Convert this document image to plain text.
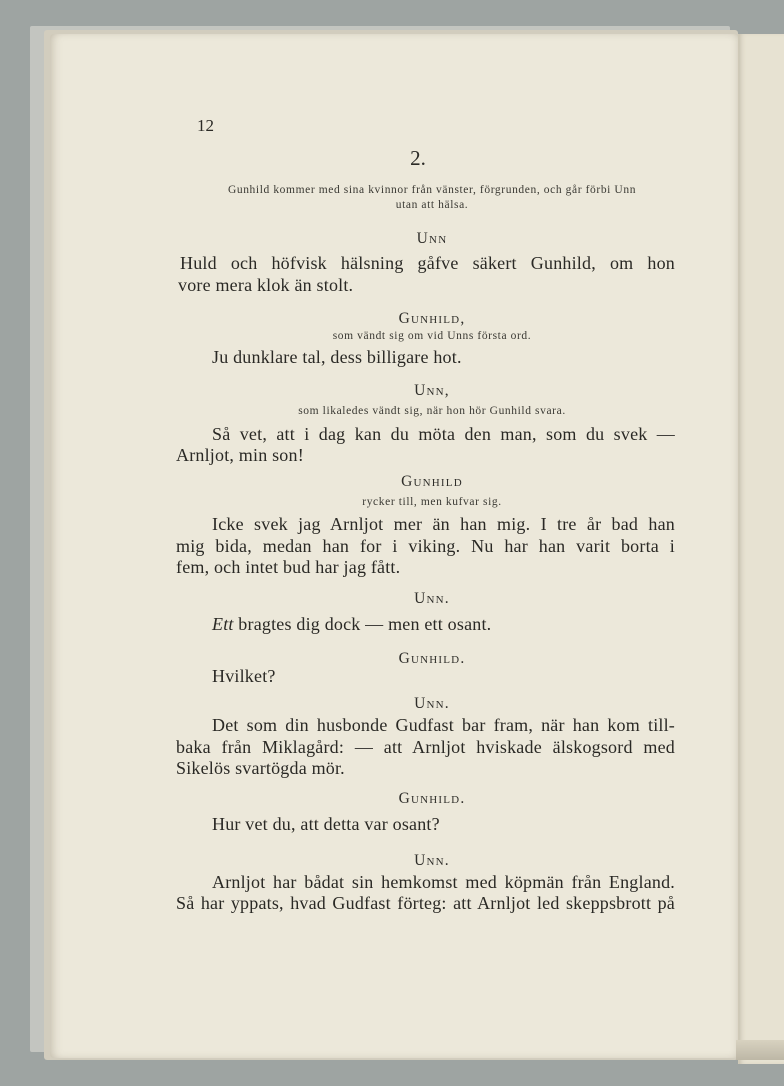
12
2.
Gunhild kommer med sina kvinnor från vänster, förgrunden, och går förbi Unn
utan att hälsa.
Unn
Huld och höfvisk hälsning gåfve säkert Gunhild, om hon
vore mera klok än stolt.
Gunhild,
som vändt sig om vid Unns första ord.
Ju dunklare tal, dess billigare hot.
Unn,
som likaledes vändt sig, när hon hör Gunhild svara.
Så vet, att i dag kan du möta den man, som du svek —
Arnljot, min son!
Gunhild
rycker till, men kufvar sig.
Icke svek jag Arnljot mer än han mig. I tre år bad han
mig bida, medan han for i viking. Nu har han varit borta i
fem, och intet bud har jag fått.
Unn.
Ett bragtes dig dock — men ett osant.
Gunhild.
Hvilket?
Unn.
Det som din husbonde Gudfast bar fram, när han kom till-
baka från Miklagård: — att Arnljot hviskade älskogsord med
Sikelös svartögda mör.
Gunhild.
Hur vet du, att detta var osant?
Unn.
Arnljot har bådat sin hemkomst med köpmän från England.
Så har yppats, hvad Gudfast förteg: att Arnljot led skeppsbrott på
